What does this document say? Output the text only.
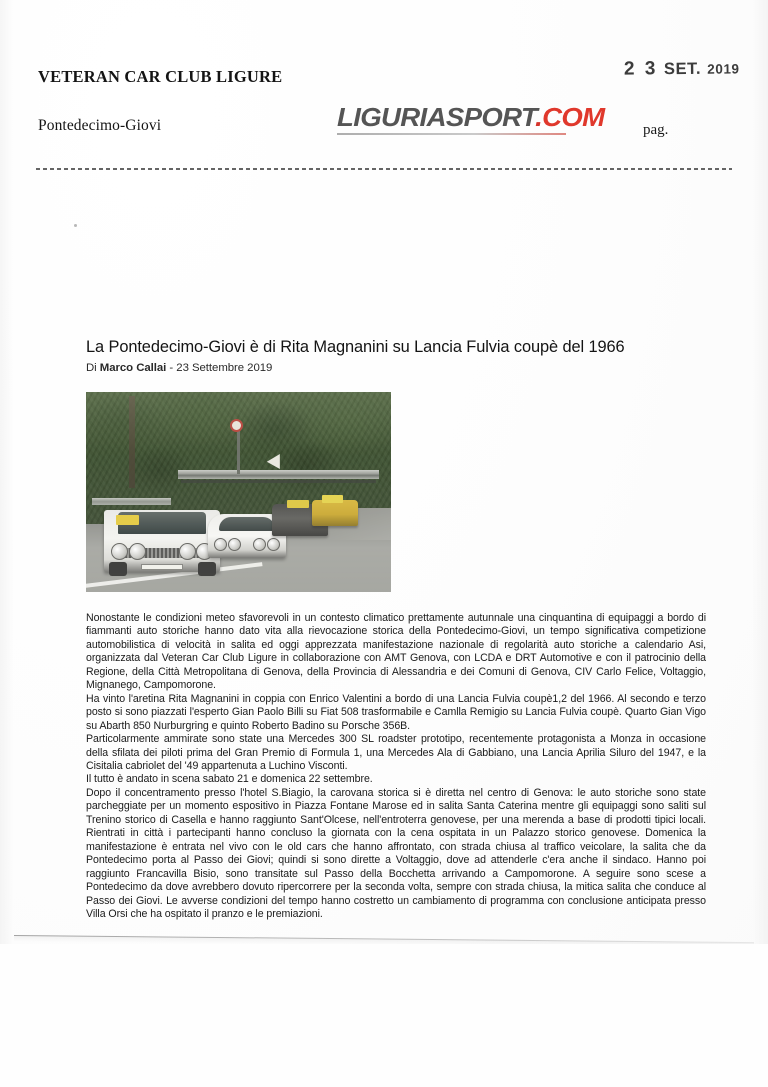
VETERAN CAR CLUB LIGURE
Pontedecimo-Giovi	pag.
2 3 SET. 2019
LIGURIASPORT.COM
La Pontedecimo-Giovi è di Rita Magnanini su Lancia Fulvia coupè del 1966
Di Marco Callai - 23 Settembre 2019

Nonostante le condizioni meteo sfavorevoli in un contesto climatico prettamente autunnale una cinquantina di equipaggi a bordo di fiammanti auto storiche hanno dato vita alla rievocazione storica della Pontedecimo-Giovi, un tempo significativa competizione automobilistica di velocità in salita ed oggi apprezzata manifestazione nazionale di regolarità auto storiche a calendario Asi, organizzata dal Veteran Car Club Ligure in collaborazione con AMT Genova, con LCDA e DRT Automotive e con il patrocinio della Regione, della Città Metropolitana di Genova, della Provincia di Alessandria e dei Comuni di Genova, CIV Carlo Felice, Voltaggio, Mignanego, Campomorone.

Ha vinto l'aretina Rita Magnanini in coppia con Enrico Valentini a bordo di una Lancia Fulvia coupè1,2 del 1966. Al secondo e terzo posto si sono piazzati l'esperto Gian Paolo Billi su Fiat 508 trasformabile e Camlla Remigio su Lancia Fulvia coupè. Quarto Gian Vigo su Abarth 850 Nurburgring e quinto Roberto Badino su Porsche 356B.

Particolarmente ammirate sono state una Mercedes 300 SL roadster prototipo, recentemente protagonista a Monza in occasione della sfilata dei piloti prima del Gran Premio di Formula 1, una Mercedes Ala di Gabbiano, una Lancia Aprilia Siluro del 1947, e la Cisitalia cabriolet del '49 appartenuta a Luchino Visconti.

Il tutto è andato in scena sabato 21 e domenica 22 settembre.

Dopo il concentramento presso l'hotel S.Biagio, la carovana storica si è diretta nel centro di Genova: le auto storiche sono state parcheggiate per un momento espositivo in Piazza Fontane Marose ed in salita Santa Caterina mentre gli equipaggi sono saliti sul Trenino storico di Casella e hanno raggiunto Sant'Olcese, nell'entroterra genovese, per una merenda a base di prodotti tipici locali. Rientrati in città i partecipanti hanno concluso la giornata con la cena ospitata in un Palazzo storico genovese. Domenica la manifestazione è entrata nel vivo con le old cars che hanno affrontato, con strada chiusa al traffico veicolare, la salita che da Pontedecimo porta al Passo dei Giovi; quindi si sono dirette a Voltaggio, dove ad attenderle c'era anche il sindaco. Hanno poi raggiunto Francavilla Bisio, sono transitate sul Passo della Bocchetta arrivando a Campomorone. A seguire sono scese a Pontedecimo da dove avrebbero dovuto ripercorrere per la seconda volta, sempre con strada chiusa, la mitica salita che conduce al Passo dei Giovi. Le avverse condizioni del tempo hanno costretto un cambiamento di programma con conclusione anticipata presso Villa Orsi che ha ospitato il pranzo e le premiazioni.
